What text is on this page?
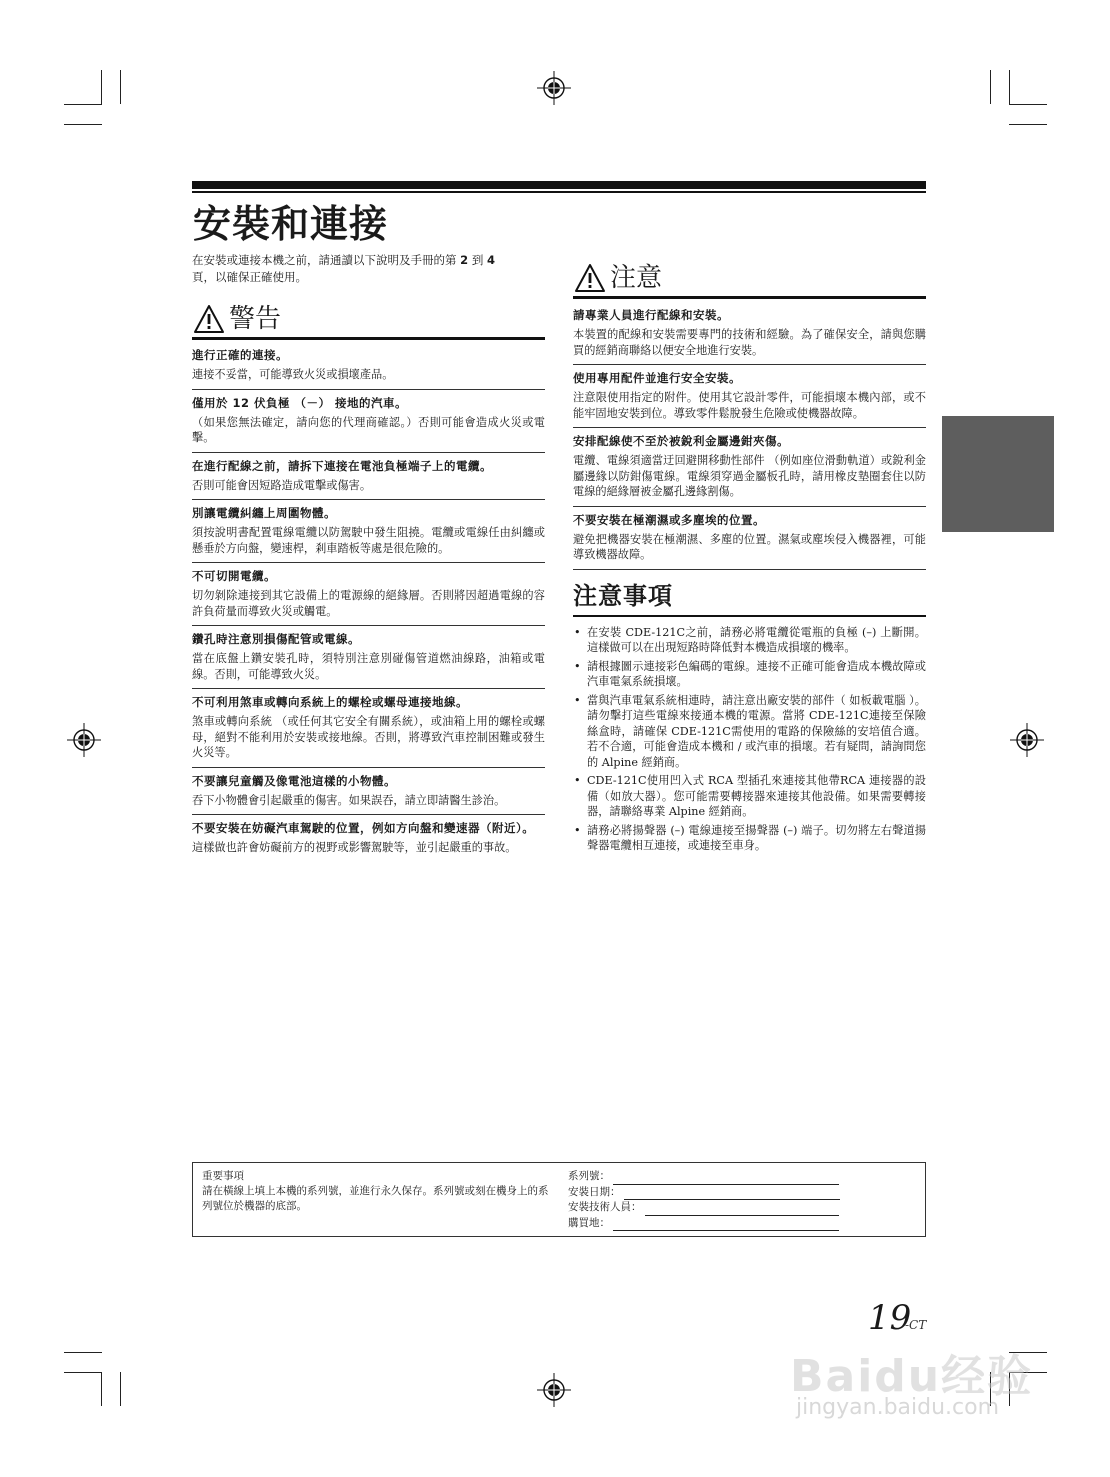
安裝和連接
在安裝或連接本機之前，請通讀以下說明及手冊的第 2 到 4
頁，以確保正確使用。
警告
進行正確的連接。
連接不妥當，可能導致火災或損壞產品。
僅用於 12 伏負極 （－） 接地的汽車。
（如果您無法確定，請向您的代理商確認。）否則可能會造成火災或電擊。
在進行配線之前，請拆下連接在電池負極端子上的電纜。
否則可能會因短路造成電擊或傷害。
別讓電纜糾纏上周圍物體。
須按說明書配置電線電纜以防駕駛中發生阻撓。電纜或電線任由糾纏或懸垂於方向盤，變速桿，剎車踏板等處是很危險的。
不可切開電纜。
切勿剝除連接到其它設備上的電源線的絕緣層。否則將因超過電線的容許負荷量而導致火災或觸電。
鑽孔時注意別損傷配管或電線。
當在底盤上鑽安裝孔時，須特別注意別碰傷管道燃油線路，油箱或電線。否則，可能導致火災。
不可利用煞車或轉向系統上的螺栓或螺母連接地線。
煞車或轉向系統 （或任何其它安全有關系統），或油箱上用的螺栓或螺母，絕對不能利用於安裝或接地線。否則，將導致汽車控制困難或發生火災等。
不要讓兒童觸及像電池這樣的小物體。
吞下小物體會引起嚴重的傷害。如果誤吞，請立即請醫生診治。
不要安裝在妨礙汽車駕駛的位置，例如方向盤和變速器（附近）。
這樣做也許會妨礙前方的視野或影響駕駛等，並引起嚴重的事故。
注意
請專業人員進行配線和安裝。
本裝置的配線和安裝需要專門的技術和經驗。為了確保安全，請與您購買的經銷商聯絡以便安全地進行安裝。
使用專用配件並進行安全安裝。
注意限使用指定的附件。使用其它設計零件，可能損壞本機內部，或不能牢固地安裝到位。導致零件鬆脫發生危險或使機器故障。
安排配線使不至於被銳利金屬邊鉗夾傷。
電纜、電線須適當迂回避開移動性部件 （例如座位滑動軌道）或銳利金屬邊緣以防鉗傷電線。電線須穿過金屬板孔時，請用橡皮墊圈套住以防電線的絕緣層被金屬孔邊緣割傷。
不要安裝在極潮濕或多塵埃的位置。
避免把機器安裝在極潮濕、多塵的位置。濕氣或塵埃侵入機器裡，可能導致機器故障。
注意事項
• 在安裝 CDE-121C之前，請務必將電纜從電瓶的負極 (–) 上斷開。這樣做可以在出現短路時降低對本機造成損壞的機率。
• 請根據圖示連接彩色編碼的電線。連接不正確可能會造成本機故障或汽車電氣系統損壞。
• 當與汽車電氣系統相連時，請注意出廠安裝的部件（ 如板載電腦 ）。請勿擊打這些電線來接通本機的電源。當將 CDE-121C連接至保險絲盒時，請確保 CDE-121C需使用的電路的保險絲的安培值合適。若不合適，可能會造成本機和 / 或汽車的損壞。若有疑問，請詢問您的 Alpine 經銷商。
• CDE-121C使用凹入式 RCA 型插孔來連接其他帶RCA 連接器的設備（如放大器）。您可能需要轉接器來連接其他設備。如果需要轉接器，請聯絡專業 Alpine 經銷商。
• 請務必將揚聲器 (–) 電線連接至揚聲器 (–) 端子。切勿將左右聲道揚聲器電纜相互連接，或連接至車身。
重要事項
請在橫線上填上本機的系列號，並進行永久保存。系列號或刻在機身上的系列號位於機器的底部。
系列號：
安裝日期：
安裝技術人員：
購買地：
19
-CT
Baidu经验
jingyan.baidu.com
